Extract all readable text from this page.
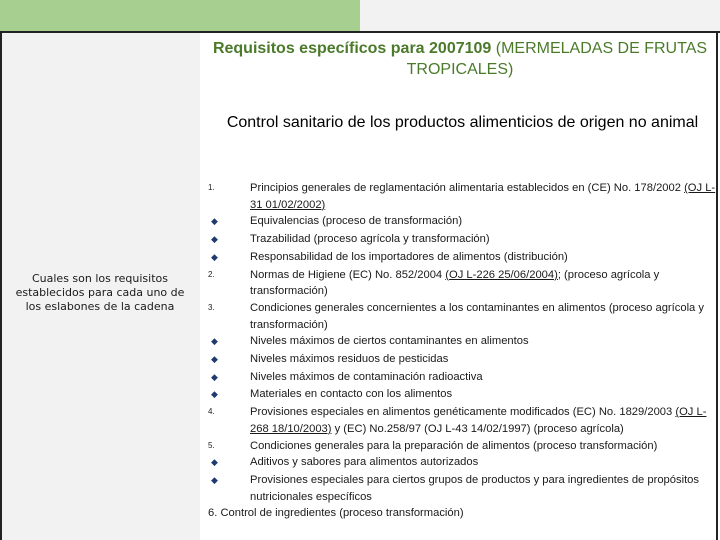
Cuales son los requisitos establecidos para cada uno de los eslabones de la cadena
Requisitos específicos para 2007109 (MERMELADAS DE FRUTAS TROPICALES)
Control sanitario de los productos alimenticios de origen no animal
1.	Principios generales de reglamentación alimentaria establecidos en (CE) No. 178/2002 (OJ L-31 01/02/2002)
◆
Equivalencias (proceso de transformación)
◆
Trazabilidad (proceso agrícola y transformación)
◆
Responsabilidad de los importadores de alimentos (distribución)
2.	Normas de Higiene (EC) No. 852/2004 (OJ L-226 25/06/2004); (proceso agrícola y transformación)
3.	Condiciones generales concernientes a los contaminantes en alimentos (proceso agrícola y transformación)
◆
Niveles máximos de ciertos contaminantes en alimentos
◆
Niveles máximos residuos de pesticidas
◆
Niveles máximos de contaminación radioactiva
◆
Materiales en contacto con los alimentos
4.	Provisiones especiales en alimentos genéticamente modificados (EC) No. 1829/2003 (OJ L-268 18/10/2003) y (EC) No.258/97 (OJ L-43 14/02/1997) (proceso agrícola)
5.	Condiciones generales para la preparación de alimentos (proceso transformación)
◆
Aditivos y sabores para alimentos autorizados
◆
Provisiones especiales para ciertos grupos de productos y para ingredientes de propósitos nutricionales específicos
6. Control de ingredientes (proceso transformación)
